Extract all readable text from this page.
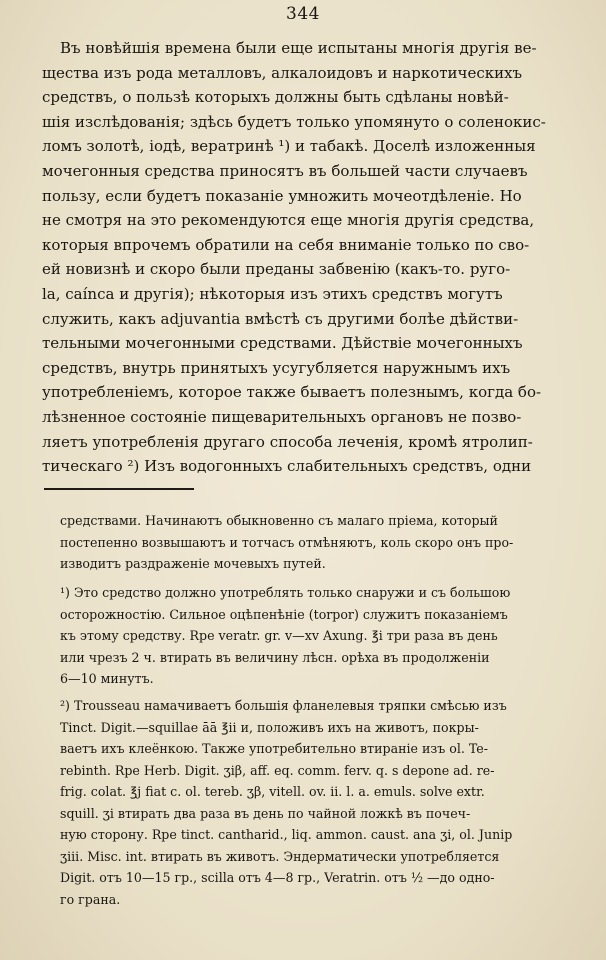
344
Въ новѣйшія времена были еще испытаны многія другія ве-
щества изъ рода металловъ, алкалоидовъ и наркотическихъ
средствъ, о пользѣ которыхъ должны быть сдѣланы новѣй-
шія изслѣдованія; здѣсь будетъ только упомянуто о соленокис-
ломъ золотѣ, іодѣ, вератринѣ ¹) и табакѣ. Доселѣ изложенныя
мочегонныя средства приносятъ въ большей части случаевъ
пользу, если будетъ показаніе умножить мочеотдѣленіе. Но
не смотря на это рекомендуются еще многія другія средства,
которыя впрочемъ обратили на себя вниманіе только по сво-
ей новизнѣ и скоро были преданы забвенію (какъ-то. руго-
la, caínca и другія); нѣкоторыя изъ этихъ средствъ могутъ
служить, какъ adjuvantia вмѣстѣ съ другими болѣе дѣйстви-
тельными мочегонными средствами. Дѣйствіе мочегонныхъ
средствъ, внутрь принятыхъ усугубляется наружнымъ ихъ
употребленіемъ, которое также бываетъ полезнымъ, когда бо-
лѣзненное состояніе пищеварительныхъ органовъ не позво-
ляетъ употребленія другаго способа леченія, кромѣ ятролип-
тическаго ²) Изъ водогонныхъ слабительныхъ средствъ, одни
средствами. Начинаютъ обыкновенно съ малаго пріема, который
постепенно возвышаютъ и тотчасъ отмѣняютъ, коль скоро онъ про-
изводитъ раздраженіе мочевыхъ путей.
¹) Это средство должно употреблять только снаружи и съ большою
осторожностію. Сильное оцѣпенѣніе (torpor) служитъ показаніемъ
къ этому средству. Rpe veratr. gr. v—xv Axung. ℥i три раза въ день
или чрезъ 2 ч. втирать въ величину лѣсн. орѣха въ продолженіи
6—10 минутъ.
²) Trousseau намачиваетъ большія фланелевыя тряпки смѣсью изъ
Tinct. Digit.—squillae āā ℥ii и, положивъ ихъ на животъ, покры-
ваетъ ихъ клеёнкою. Также употребительно втираніе изъ ol. Te-
rebinth. Rpe Herb. Digit. ʒiβ, aff. eq. comm. ferv. q. s depone ad. re-
frig. colat. ℥j fiat c. ol. tereb. ʒβ, vitell. ov. ii. l. a. emuls. solve extr.
squill. ʒi втирать два раза въ день по чайной ложкѣ въ почеч-
ную сторону. Rpe tinct. cantharid., liq. ammon. caust. ana ʒi, ol. Junip
ʒiii. Misc. int. втирать въ животъ. Эндерматически употребляется
Digit. отъ 10—15 гр., scilla отъ 4—8 гр., Veratrin. отъ ½ —до одно-
го грана.
